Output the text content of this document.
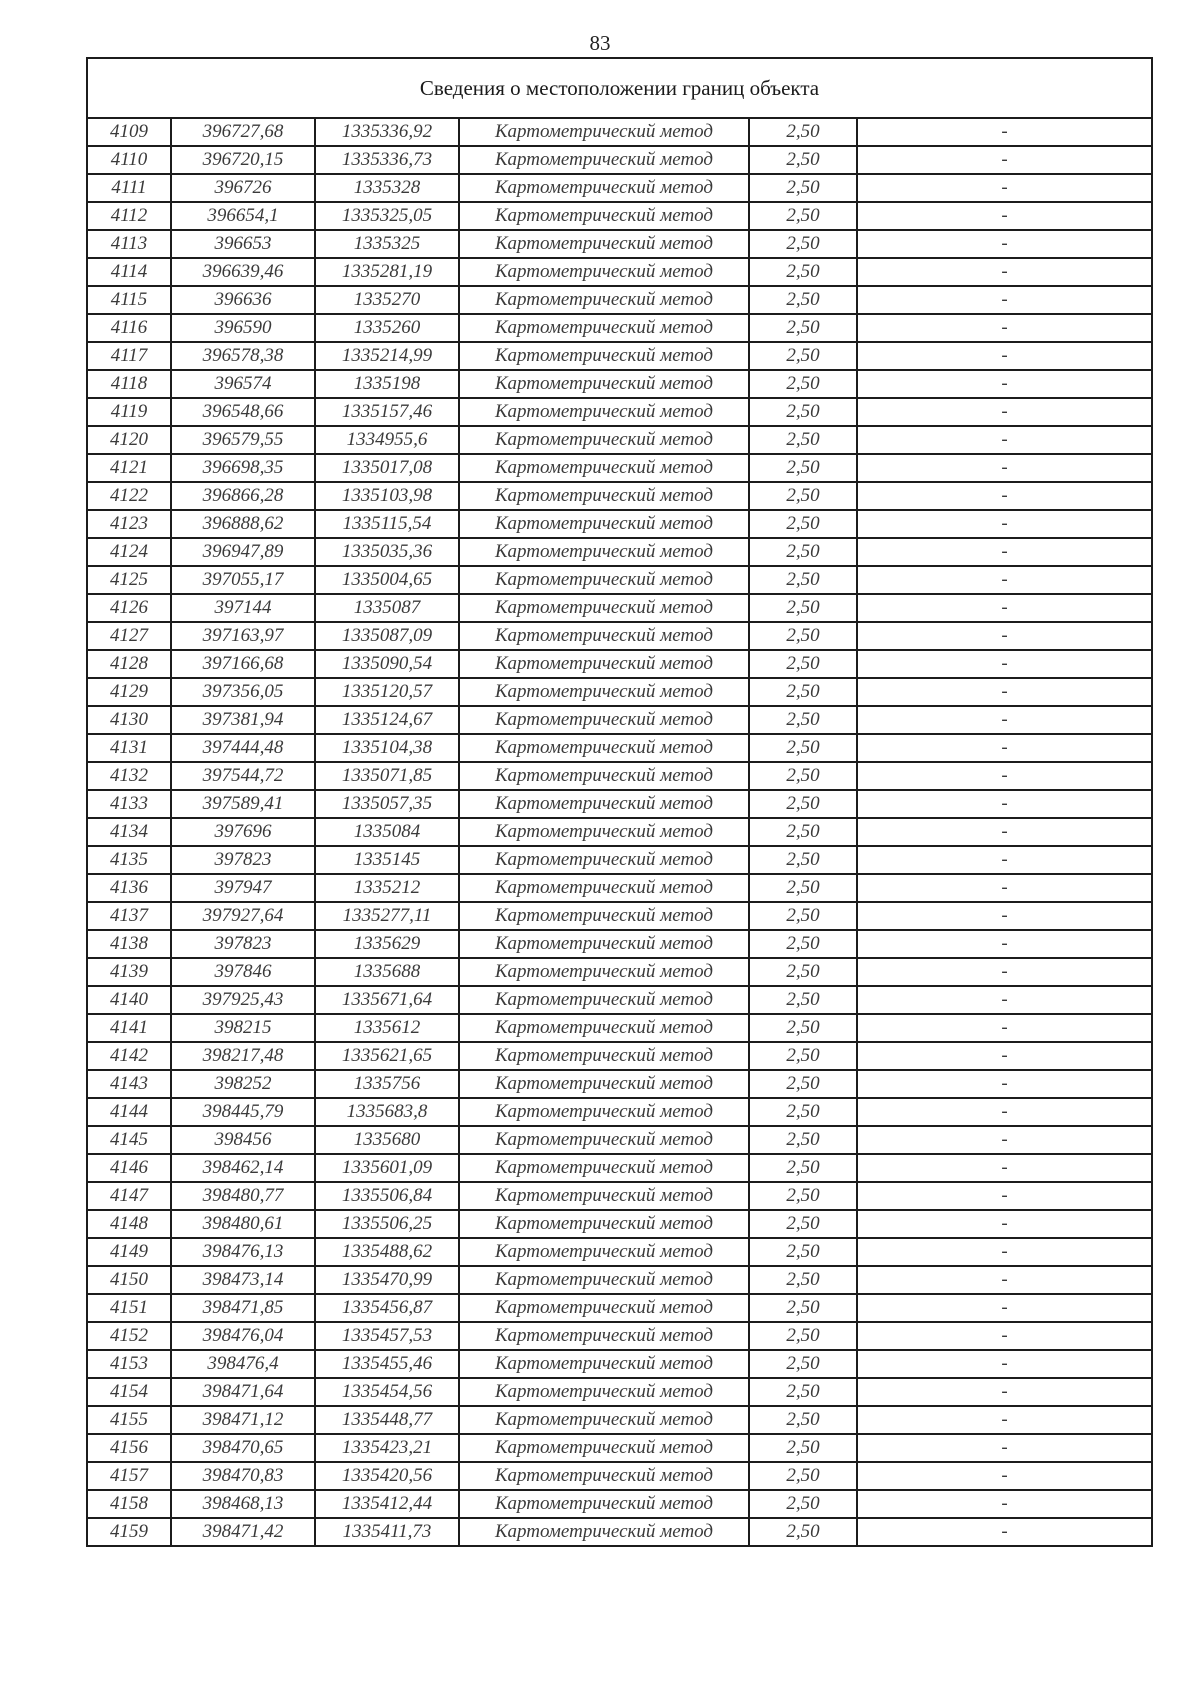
83
Сведения о местоположении границ объекта					
4109	396727,68	1335336,92	Картометрический метод	2,50	-
4110	396720,15	1335336,73	Картометрический метод	2,50	-
4111	396726	1335328	Картометрический метод	2,50	-
4112	396654,1	1335325,05	Картометрический метод	2,50	-
4113	396653	1335325	Картометрический метод	2,50	-
4114	396639,46	1335281,19	Картометрический метод	2,50	-
4115	396636	1335270	Картометрический метод	2,50	-
4116	396590	1335260	Картометрический метод	2,50	-
4117	396578,38	1335214,99	Картометрический метод	2,50	-
4118	396574	1335198	Картометрический метод	2,50	-
4119	396548,66	1335157,46	Картометрический метод	2,50	-
4120	396579,55	1334955,6	Картометрический метод	2,50	-
4121	396698,35	1335017,08	Картометрический метод	2,50	-
4122	396866,28	1335103,98	Картометрический метод	2,50	-
4123	396888,62	1335115,54	Картометрический метод	2,50	-
4124	396947,89	1335035,36	Картометрический метод	2,50	-
4125	397055,17	1335004,65	Картометрический метод	2,50	-
4126	397144	1335087	Картометрический метод	2,50	-
4127	397163,97	1335087,09	Картометрический метод	2,50	-
4128	397166,68	1335090,54	Картометрический метод	2,50	-
4129	397356,05	1335120,57	Картометрический метод	2,50	-
4130	397381,94	1335124,67	Картометрический метод	2,50	-
4131	397444,48	1335104,38	Картометрический метод	2,50	-
4132	397544,72	1335071,85	Картометрический метод	2,50	-
4133	397589,41	1335057,35	Картометрический метод	2,50	-
4134	397696	1335084	Картометрический метод	2,50	-
4135	397823	1335145	Картометрический метод	2,50	-
4136	397947	1335212	Картометрический метод	2,50	-
4137	397927,64	1335277,11	Картометрический метод	2,50	-
4138	397823	1335629	Картометрический метод	2,50	-
4139	397846	1335688	Картометрический метод	2,50	-
4140	397925,43	1335671,64	Картометрический метод	2,50	-
4141	398215	1335612	Картометрический метод	2,50	-
4142	398217,48	1335621,65	Картометрический метод	2,50	-
4143	398252	1335756	Картометрический метод	2,50	-
4144	398445,79	1335683,8	Картометрический метод	2,50	-
4145	398456	1335680	Картометрический метод	2,50	-
4146	398462,14	1335601,09	Картометрический метод	2,50	-
4147	398480,77	1335506,84	Картометрический метод	2,50	-
4148	398480,61	1335506,25	Картометрический метод	2,50	-
4149	398476,13	1335488,62	Картометрический метод	2,50	-
4150	398473,14	1335470,99	Картометрический метод	2,50	-
4151	398471,85	1335456,87	Картометрический метод	2,50	-
4152	398476,04	1335457,53	Картометрический метод	2,50	-
4153	398476,4	1335455,46	Картометрический метод	2,50	-
4154	398471,64	1335454,56	Картометрический метод	2,50	-
4155	398471,12	1335448,77	Картометрический метод	2,50	-
4156	398470,65	1335423,21	Картометрический метод	2,50	-
4157	398470,83	1335420,56	Картометрический метод	2,50	-
4158	398468,13	1335412,44	Картометрический метод	2,50	-
4159	398471,42	1335411,73	Картометрический метод	2,50	-
